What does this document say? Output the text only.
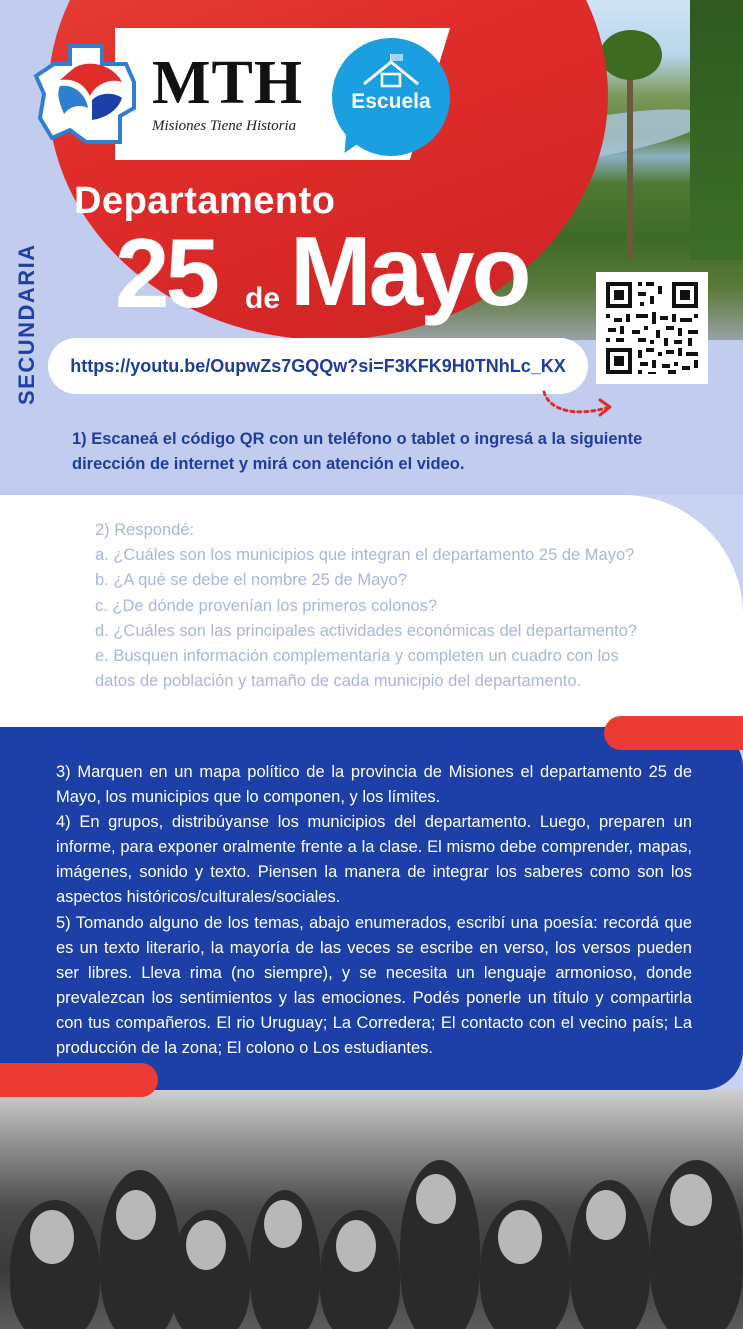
MTH
Misiones Tiene Historia
Escuela
Departamento
25 de Mayo
SECUNDARIA	https://youtu.be/OupwZs7GQQw?si=F3KFK9H0TNhLc_KX
1) Escaneá el código QR con un teléfono o tablet o ingresá a la siguiente dirección de internet y mirá con atención el video.
2) Respondé:
a. ¿Cuáles son los municipios que integran el departamento 25 de Mayo?
b. ¿A qué se debe el nombre 25 de Mayo?
c. ¿De dónde provenían los primeros colonos?
d. ¿Cuáles son las principales actividades económicas del departamento?
e. Busquen información complementaria y completen un cuadro con los
datos de población y tamaño de cada municipio del departamento.
3) Marquen en un mapa político de la provincia de Misiones el departamento 25 de Mayo, los municipios que lo componen, y los límites.
4) En grupos, distribúyanse los municipios del departamento. Luego, preparen un informe, para exponer oralmente frente a la clase. El mismo debe comprender, mapas, imágenes, sonido y texto. Piensen la manera de integrar los saberes como son los aspectos históricos/culturales/sociales.
5) Tomando alguno de los temas, abajo enumerados, escribí una poesía: recordá que es un texto literario, la mayoría de las veces se escribe en verso, los versos pueden ser libres. Lleva rima (no siempre), y se necesita un lenguaje armonioso, donde prevalezcan los sentimientos y las emociones. Podés ponerle un título y compartirla con tus compañeros. El rio Uruguay; La Corredera; El contacto con el vecino país; La producción de la zona; El colono o Los estudiantes.
